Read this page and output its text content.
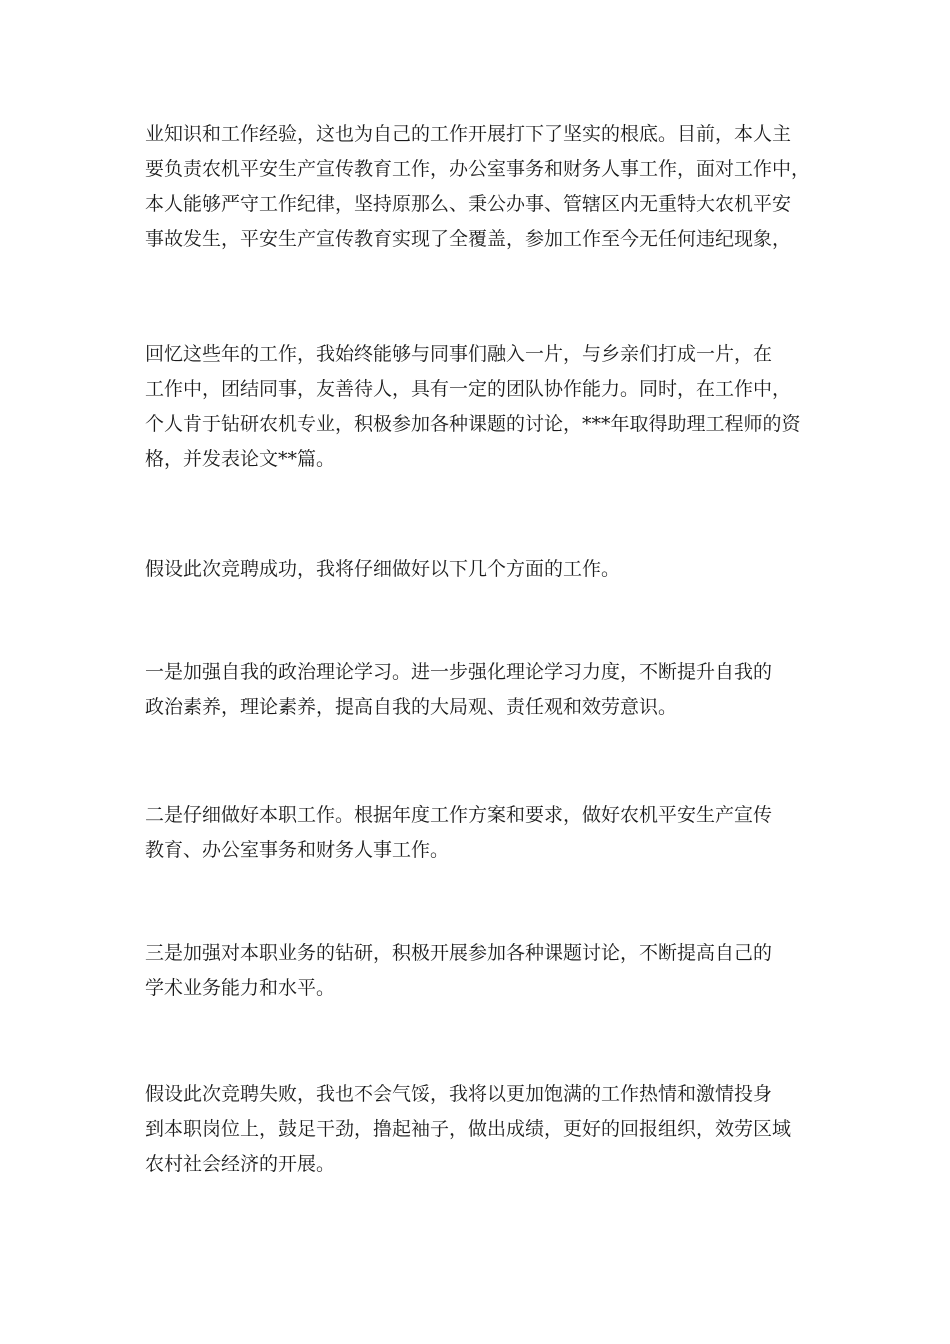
业知识和工作经验，这也为自己的工作开展打下了坚实的根底。目前，本人主
要负责农机平安生产宣传教育工作，办公室事务和财务人事工作，面对工作中，
本人能够严守工作纪律，坚持原那么、秉公办事、管辖区内无重特大农机平安
事故发生，平安生产宣传教育实现了全覆盖，参加工作至今无任何违纪现象，

回忆这些年的工作，我始终能够与同事们融入一片，与乡亲们打成一片，在
工作中，团结同事，友善待人，具有一定的团队协作能力。同时，在工作中，
个人肯于钻研农机专业，积极参加各种课题的讨论，***年取得助理工程师的资
格，并发表论文**篇。

假设此次竞聘成功，我将仔细做好以下几个方面的工作。

一是加强自我的政治理论学习。进一步强化理论学习力度，不断提升自我的
政治素养，理论素养，提高自我的大局观、责任观和效劳意识。

二是仔细做好本职工作。根据年度工作方案和要求，做好农机平安生产宣传
教育、办公室事务和财务人事工作。

三是加强对本职业务的钻研，积极开展参加各种课题讨论，不断提高自己的
学术业务能力和水平。

假设此次竞聘失败，我也不会气馁，我将以更加饱满的工作热情和激情投身
到本职岗位上，鼓足干劲，撸起袖子，做出成绩，更好的回报组织，效劳区域
农村社会经济的开展。
